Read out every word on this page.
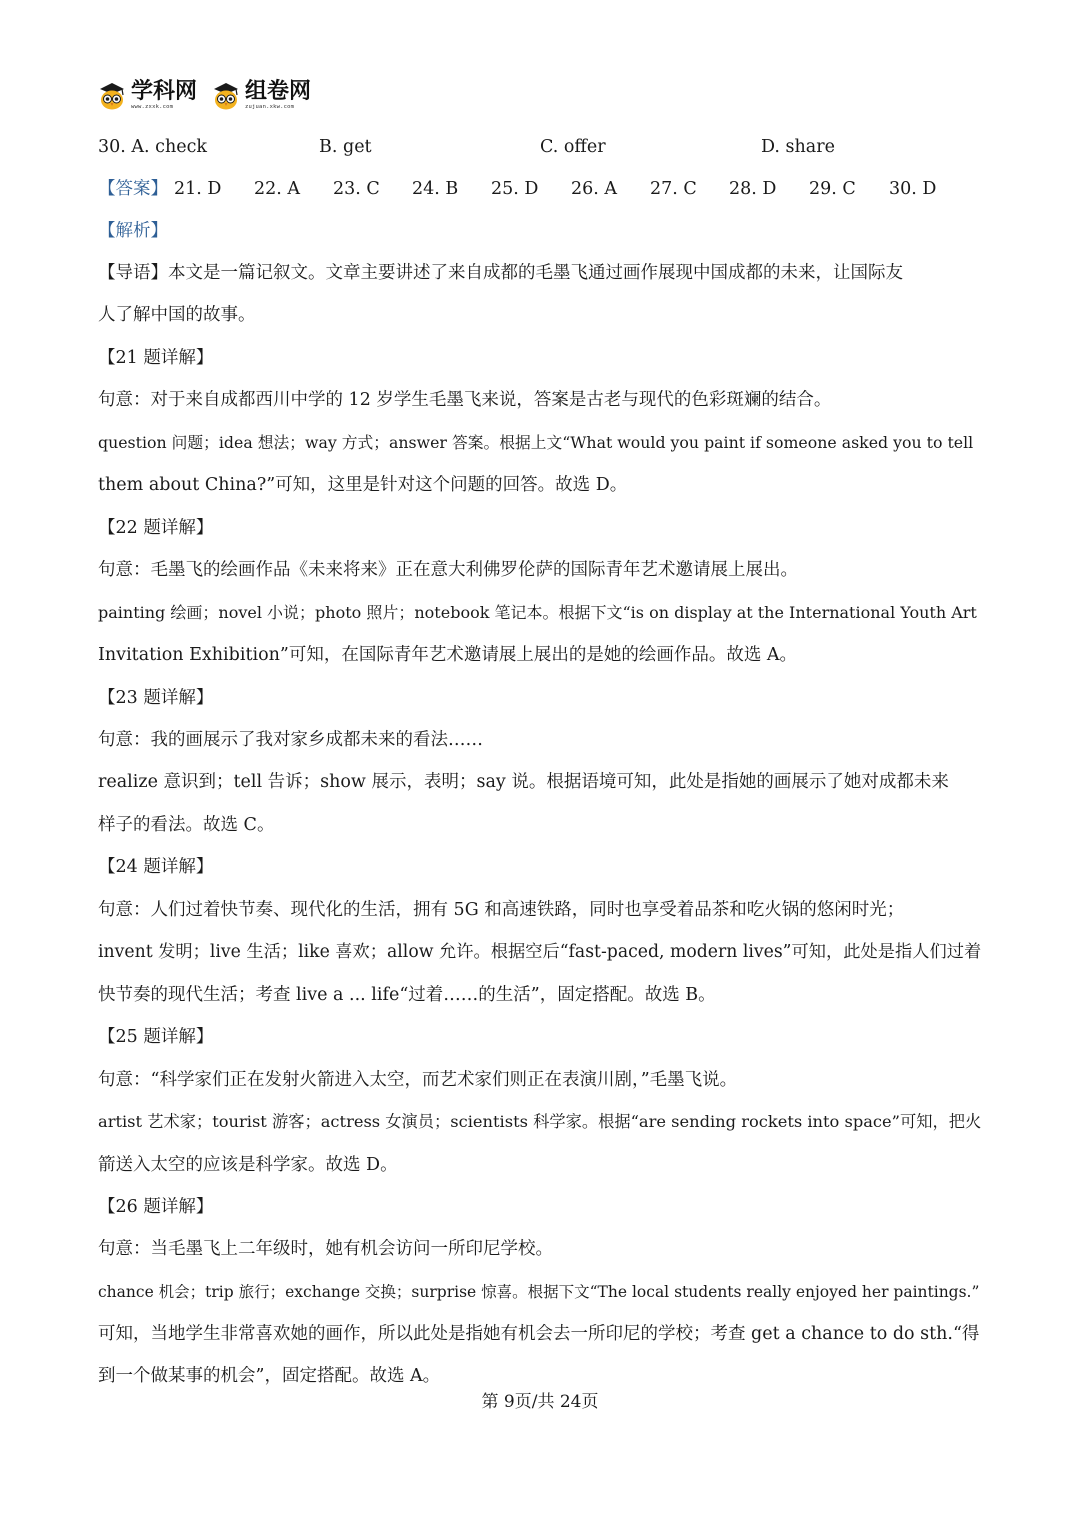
学科网
www.zxxk.com
组卷网
zujuan.xkw.com
30. A. check	B. get	C. offer	D. share
【答案】 21. D 22. A 23. C 24. B 25. D 26. A 27. C 28. D 29. C 30. D
【解析】
【导语】本文是一篇记叙文。文章主要讲述了来自成都的毛墨飞通过画作展现中国成都的未来，让国际友
人了解中国的故事。
【21 题详解】
句意：对于来自成都西川中学的 12 岁学生毛墨飞来说，答案是古老与现代的色彩斑斓的结合。
question 问题；idea 想法；way 方式；answer 答案。根据上文“What would you paint if someone asked you to tell
them about China?”可知，这里是针对这个问题的回答。故选 D。
【22 题详解】
句意：毛墨飞的绘画作品《未来将来》正在意大利佛罗伦萨的国际青年艺术邀请展上展出。
painting 绘画；novel 小说；photo 照片；notebook 笔记本。根据下文“is on display at the International Youth Art
Invitation Exhibition”可知，在国际青年艺术邀请展上展出的是她的绘画作品。故选 A。
【23 题详解】
句意：我的画展示了我对家乡成都未来的看法……
realize 意识到；tell 告诉；show 展示，表明；say 说。根据语境可知，此处是指她的画展示了她对成都未来
样子的看法。故选 C。
【24 题详解】
句意：人们过着快节奏、现代化的生活，拥有 5G 和高速铁路，同时也享受着品茶和吃火锅的悠闲时光；
invent 发明；live 生活；like 喜欢；allow 允许。根据空后“fast-paced, modern lives”可知，此处是指人们过着
快节奏的现代生活；考查 live a ... life“过着……的生活”，固定搭配。故选 B。
【25 题详解】
句意：“科学家们正在发射火箭进入太空，而艺术家们则正在表演川剧，”毛墨飞说。
artist 艺术家；tourist 游客；actress 女演员；scientists 科学家。根据“are sending rockets into space”可知，把火
箭送入太空的应该是科学家。故选 D。
【26 题详解】
句意：当毛墨飞上二年级时，她有机会访问一所印尼学校。
chance 机会；trip 旅行；exchange 交换；surprise 惊喜。根据下文“The local students really enjoyed her paintings.”
可知，当地学生非常喜欢她的画作，所以此处是指她有机会去一所印尼的学校；考查 get a chance to do sth.“得
到一个做某事的机会”，固定搭配。故选 A。
第 9页/共 24页
